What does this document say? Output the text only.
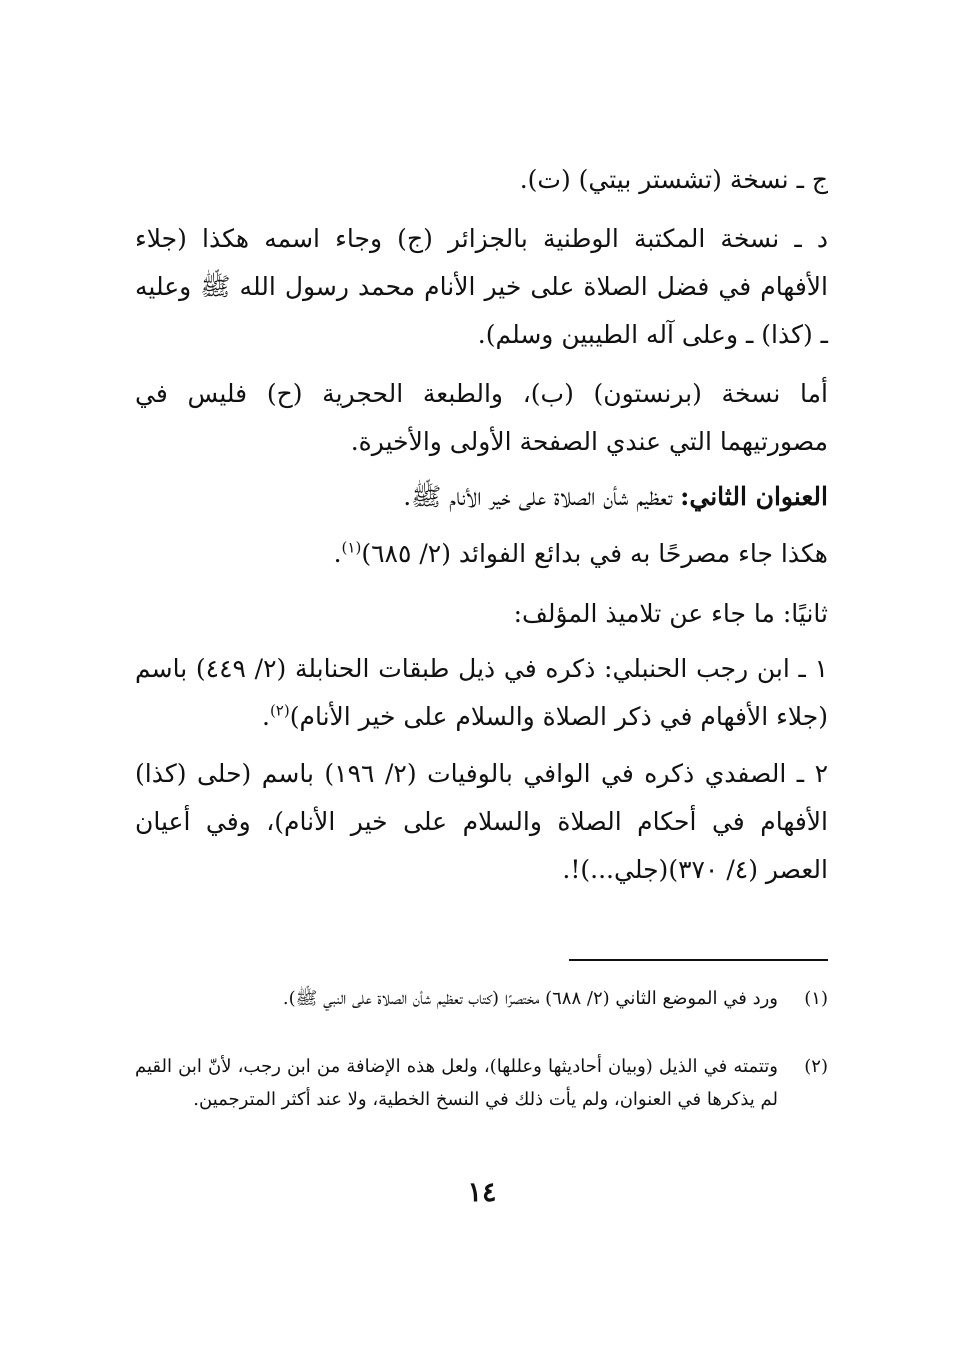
ج ـ نسخة (تشستر بيتي) (ت).

د ـ نسخة المكتبة الوطنية بالجزائر (ج) وجاء اسمه هكذا (جلاء الأفهام في فضل الصلاة على خير الأنام محمد رسول الله ﷺ وعليه ـ (كذا) ـ وعلى آله الطيبين وسلم).

أما نسخة (برنستون) (ب)، والطبعة الحجرية (ح) فليس في مصورتيهما التي عندي الصفحة الأولى والأخيرة.

العنوان الثاني: تعظيم شأن الصلاة على خير الأنام ﷺ.

هكذا جاء مصرحًا به في بدائع الفوائد (٢/ ٦٨٥)$^{(١)}$.

ثانيًا: ما جاء عن تلاميذ المؤلف:

١ ـ ابن رجب الحنبلي: ذكره في ذيل طبقات الحنابلة (٢/ ٤٤٩) باسم (جلاء الأفهام في ذكر الصلاة والسلام على خير الأنام)$^{(٢)}$.

٢ ـ الصفدي ذكره في الوافي بالوفيات (٢/ ١٩٦) باسم (حلى (كذا) الأفهام في أحكام الصلاة والسلام على خير الأنام)، وفي أعيان العصر (٤/ ٣٧٠)(جلي...)!.

(١)
ورد في الموضع الثاني (٢/ ٦٨٨) مختصرًا (كتاب تعظيم شأن الصلاة على النبي ﷺ).
(٢)
وتتمته في الذيل (وبيان أحاديثها وعللها)، ولعل هذه الإضافة من ابن رجب، لأنّ ابن القيم لم يذكرها في العنوان، ولم يأت ذلك في النسخ الخطية، ولا عند أكثر المترجمين.
١٤
